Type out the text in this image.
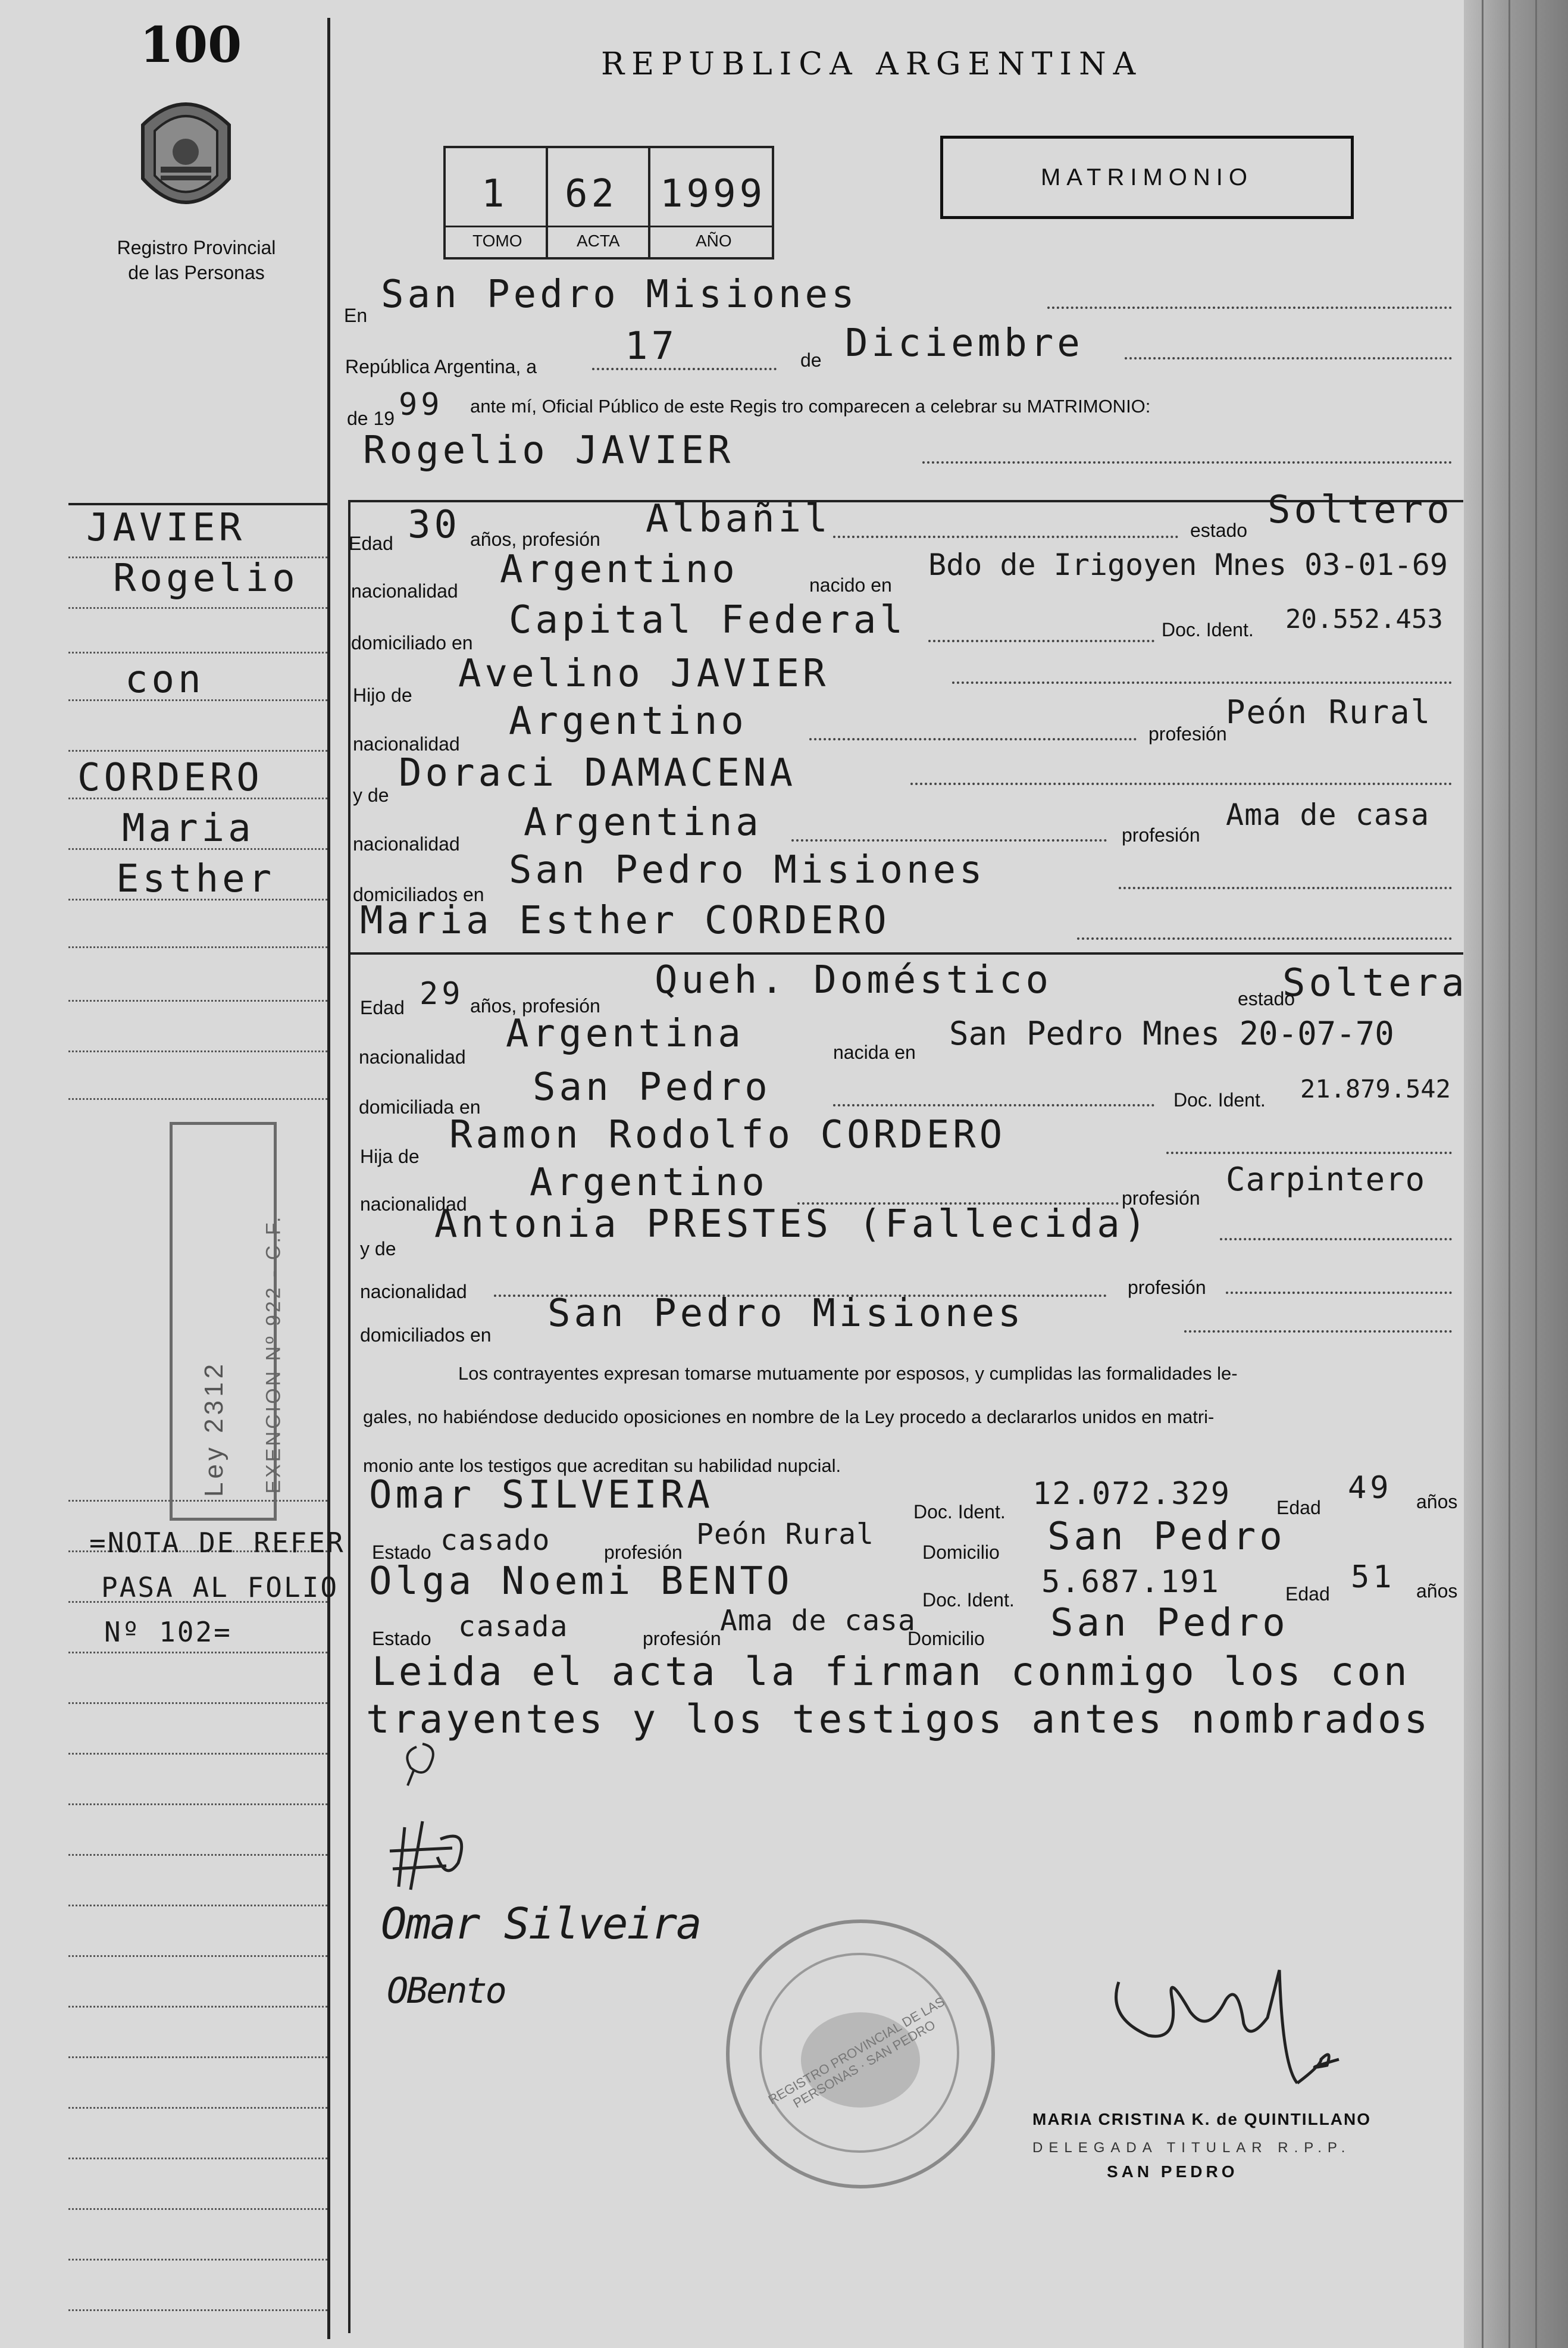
100
Registro Provincial
de las Personas
REPUBLICA ARGENTINA
MATRIMONIO
1 62 1999
TOMO	ACTA	AÑO
JAVIER
Rogelio
con
CORDERO
Maria
Esther
Ley 2312 EXENCION Nº 922 - C.F.
=NOTA DE REFER
PASA AL FOLIO
Nº 102=
En San Pedro Misiones
República Argentina, a 17	de Diciembre
de 19 99 ante mí, Oficial Público de este Regis tro comparecen a celebrar su MATRIMONIO:
Rogelio JAVIER
Edad 30 años, profesión Albañil	estado Soltero
nacionalidad Argentino	nacido en
Bdo de Irigoyen Mnes 03-01-69
domiciliado en
Capital Federal	Doc. Ident. 20.552.453
Hijo de Avelino JAVIER
nacionalidad
Argentino	profesión
Peón Rural
y de Doraci DAMACENA
nacionalidad Argentina	profesión
Ama de casa
domiciliados en
San Pedro Misiones
Maria Esther CORDERO
Edad 29 años, profesión
Queh. Doméstico	estado
Soltera
nacionalidad
Argentina	nacida en San Pedro Mnes 20-07-70
domiciliada en San Pedro	Doc. Ident. 21.879.542
Hija de Ramon Rodolfo CORDERO
nacionalidad Argentino	profesión Carpintero
y de
Antonia PRESTES (Fallecida)
nacionalidad	profesión
domiciliados en San Pedro Misiones
Los contrayentes expresan tomarse mutuamente por esposos, y cumplidas las formalidades le-
gales, no habiéndose deducido oposiciones en nombre de la Ley procedo a declararlos unidos en matri-
monio ante los testigos que acreditan su habilidad nupcial.
Omar SILVEIRA	Doc. Ident. 12.072.329 Edad
49 años
Estado casado	profesión
Peón Rural
Domicilio San Pedro
Olga Noemi BENTO	Doc. Ident. 5.687.191	Edad 51 años
Estado casada	profesión
Ama de casa
Domicilio San Pedro
Leida el acta la firman conmigo los con
trayentes y los testigos antes nombrados
Omar Silveira
OBento
REGISTRO PROVINCIAL DE LAS PERSONAS · SAN PEDRO
MARIA CRISTINA K. de QUINTILLANO
DELEGADA TITULAR R.P.P.
SAN PEDRO
